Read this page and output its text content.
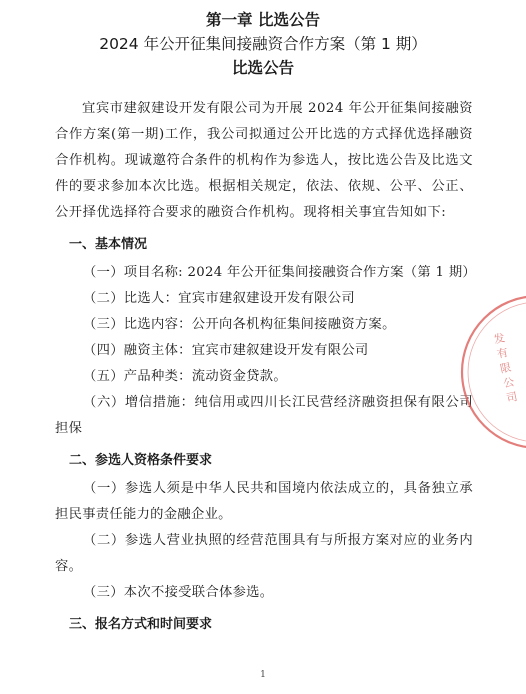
第一章 比选公告
2024 年公开征集间接融资合作方案（第 1 期）
比选公告

宜宾市建叙建设开发有限公司为开展 2024 年公开征集间接融资合作方案(第一期)工作，我公司拟通过公开比选的方式择优选择融资合作机构。现诚邀符合条件的机构作为参选人，按比选公告及比选文件的要求参加本次比选。根据相关规定，依法、依规、公平、公正、公开择优选择符合要求的融资合作机构。现将相关事宜告知如下:

一、基本情况

（一）项目名称: 2024 年公开征集间接融资合作方案（第 1 期）

（二）比选人：宜宾市建叙建设开发有限公司

（三）比选内容：公开向各机构征集间接融资方案。

（四）融资主体：宜宾市建叙建设开发有限公司

（五）产品种类：流动资金贷款。

（六）增信措施：纯信用或四川长江民营经济融资担保有限公司担保

二、参选人资格条件要求

（一）参选人须是中华人民共和国境内依法成立的，具备独立承担民事责任能力的金融企业。

（二）参选人营业执照的经营范围具有与所报方案对应的业务内容。

（三）本次不接受联合体参选。

三、报名方式和时间要求
发有限公司
1
